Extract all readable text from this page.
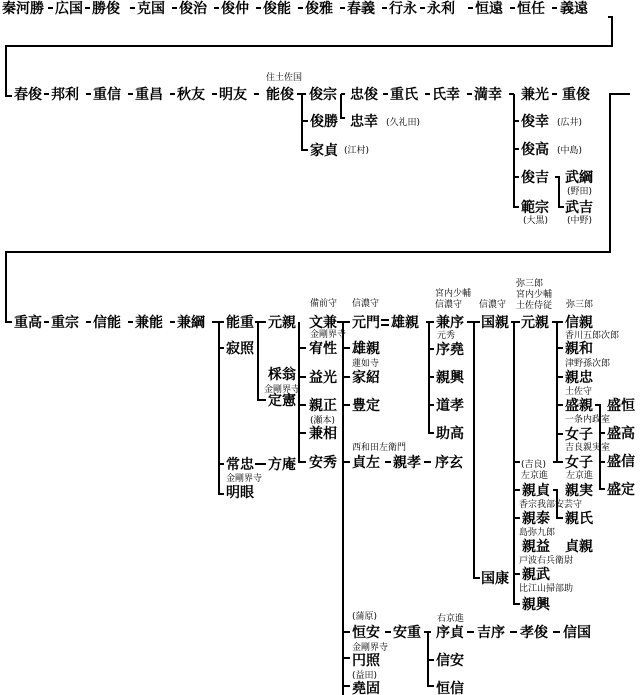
秦河勝 広国 勝俊 克国 俊治 俊仲 俊能 俊雅 春義 行永 永利 恒遠 恒任 義遠
春俊 邦利 重信 重昌 秋友 明友
住土佐国
能俊 俊宗 忠俊 重氏 氏幸 満幸 兼光 重俊
俊勝 忠幸 (久礼田)
家貞 (江村)
俊幸 (広井)
俊高 (中島)
俊吉 武綱
(野田)
範宗
(大黒)
武吉
(中野)
重高 重宗 信能 兼能 兼綱 能重 元親
寂照
棌翁
金剛界寺
定憲
常忠 方庵
金剛界寺
明眼
備前守
文兼
金剛界寺
宥性
益光
親正
(瀬本)
兼相
安秀
信濃守
元門 雄親
雄親
蓮如寺
家紹
豊定
西和田左衛門
貞左 親孝 序玄
宮内少輔
信濃守
兼序
元秀
序堯
親興
道孝
助高
信濃守
国親
国康
弥三郎
宮内少輔
土佐侍従
元親
(吉良)
左京進
親貞
香宗我部安芸守
親泰
島弥九郎
親益
戸波右兵衛尉
親武
比江山掃部助
親興
弥三郎
信親
香川五郎次郎
親和
津野孫次郎
親忠
土佐守
盛親
一条内政室
女子
吉良親実室
女子
左京進
親実
親氏
貞親
盛恒
盛高
盛信
盛定
(蒲原)
恒安 安重
金剛界寺
円照
(益田)
堯固
右京進
序貞
信安
恒信
吉序 孝俊 信国
